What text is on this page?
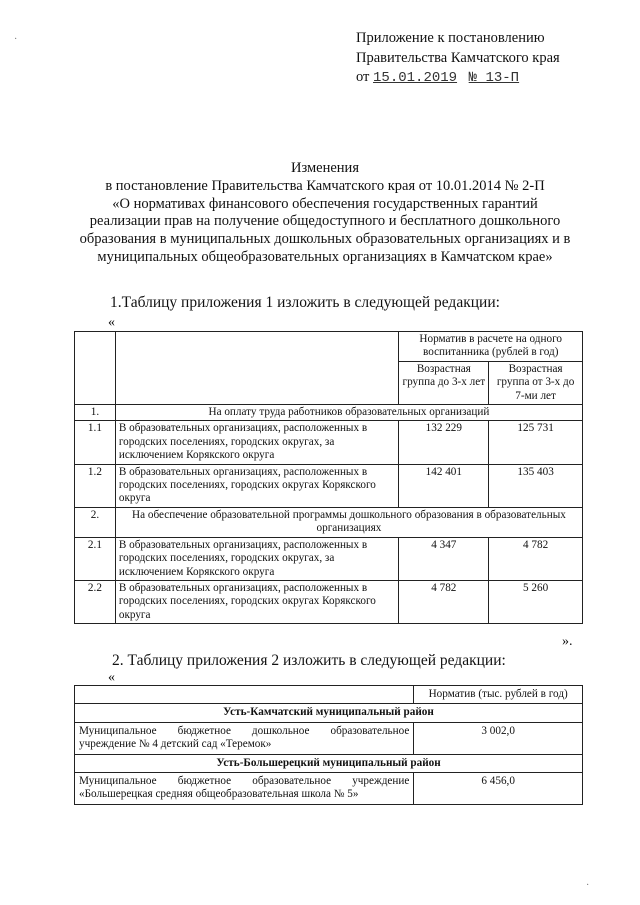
·
·
Приложение к постановлению
Правительства Камчатского края
от 15.01.2019 № 13-П
Изменения
в постановление Правительства Камчатского края от 10.01.2014 № 2-П
«О нормативах финансового обеспечения государственных гарантий
реализации прав на получение общедоступного и бесплатного дошкольного
образования в муниципальных дошкольных образовательных организациях и в
муниципальных общеобразовательных организациях в Камчатском крае»
1.Таблицу приложения 1 изложить в следующей редакции:
«
		Норматив в расчете на одного воспитанника (рублей в год)	
		Возрастная группа до 3-х лет	Возрастная группа от 3-х до 7-ми лет
1.	На оплату труда работников образовательных организаций		
1.1	В образовательных организациях, расположенных в городских поселениях, городских округах, за исключением Корякского округа	132 229	125 731
1.2	В образовательных организациях, расположенных в городских поселениях, городских округах Корякского округа	142 401	135 403
2.	На обеспечение образовательной программы дошкольного образования в образовательных организациях		
2.1	В образовательных организациях, расположенных в городских поселениях, городских округах, за исключением Корякского округа	4 347	4 782
2.2	В образовательных организациях, расположенных в городских поселениях, городских округах Корякского округа	4 782	5 260
».
2. Таблицу приложения 2 изложить в следующей редакции:
«
	Норматив (тыс. рублей в год)
Усть-Камчатский муниципальный район	
Муниципальное бюджетное дошкольное образовательное учреждение № 4 детский сад «Теремок»	3 002,0
Усть-Большерецкий муниципальный район	
Муниципальное бюджетное образовательное учреждение «Большерецкая средняя общеобразовательная школа № 5»	6 456,0
